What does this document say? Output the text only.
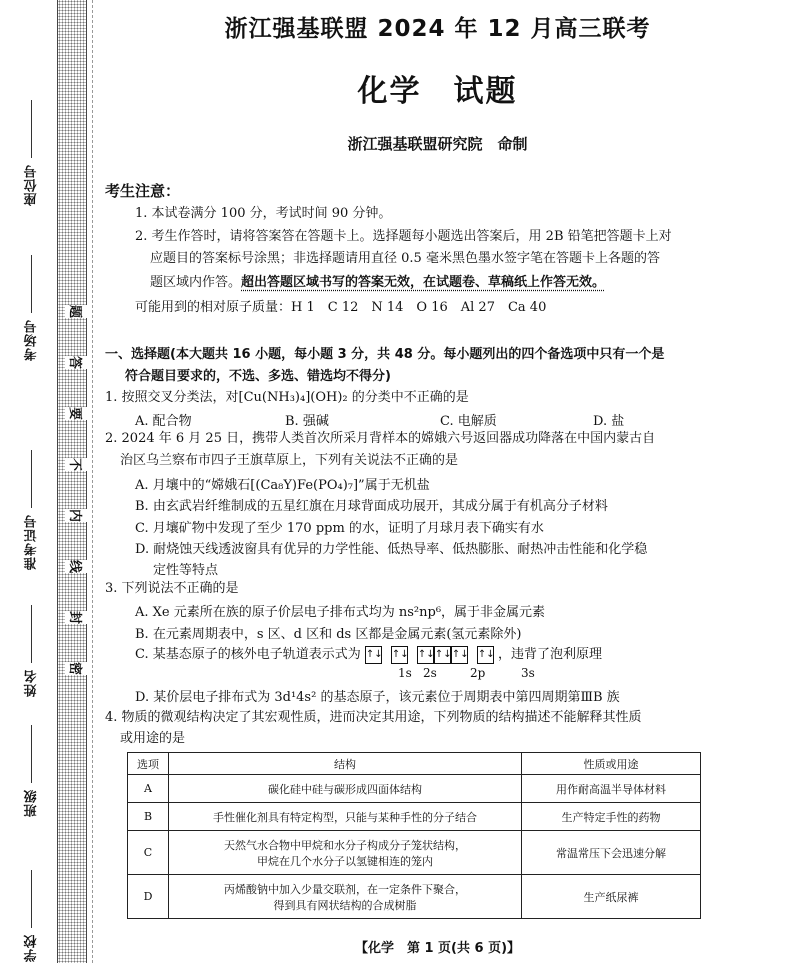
座位号
考场号
准考证号
姓名
班级
学校
题
答
要
不
内
线
封
密
浙江强基联盟 2024 年 12 月高三联考
化学　试题
浙江强基联盟研究院　命制
考生注意：
1. 本试卷满分 100 分，考试时间 90 分钟。
2. 考生作答时，请将答案答在答题卡上。选择题每小题选出答案后，用 2B 铅笔把答题卡上对
应题目的答案标号涂黑；非选择题请用直径 0.5 毫米黑色墨水签字笔在答题卡上各题的答
题区域内作答。超出答题区域书写的答案无效，在试题卷、草稿纸上作答无效。
可能用到的相对原子质量：H 1　C 12　N 14　O 16　Al 27　Ca 40
一、选择题(本大题共 16 小题，每小题 3 分，共 48 分。每小题列出的四个备选项中只有一个是
符合题目要求的，不选、多选、错选均不得分)
1. 按照交叉分类法，对[Cu(NH₃)₄](OH)₂ 的分类中不正确的是
A. 配合物	B. 强碱	C. 电解质	D. 盐
2. 2024 年 6 月 25 日，携带人类首次所采月背样本的嫦娥六号返回器成功降落在中国内蒙古自
治区乌兰察布市四子王旗草原上，下列有关说法不正确的是
A. 月壤中的“嫦娥石[(Ca₈Y)Fe(PO₄)₇]”属于无机盐
B. 由玄武岩纤维制成的五星红旗在月球背面成功展开，其成分属于有机高分子材料
C. 月壤矿物中发现了至少 170 ppm 的水，证明了月球月表下确实有水
D. 耐烧蚀天线透波窗具有优异的力学性能、低热导率、低热膨胀、耐热冲击性能和化学稳
定性等特点
3. 下列说法不正确的是
A. Xe 元素所在族的原子价层电子排布式均为 ns²np⁶，属于非金属元素
B. 在元素周期表中，s 区、d 区和 ds 区都是金属元素(氢元素除外)
C. 某基态原子的核外电子轨道表示式为 ↑↓ ↑↓ ↑↓↑↓↑↓ ↑↓ ，违背了泡利原理
1s 2s	2p	3s
D. 某价层电子排布式为 3d¹4s² 的基态原子，该元素位于周期表中第四周期第ⅢB 族
4. 物质的微观结构决定了其宏观性质，进而决定其用途，下列物质的结构描述不能解释其性质
或用途的是
选项	结构	性质或用途
A	碳化硅中硅与碳形成四面体结构	用作耐高温半导体材料
B	手性催化剂具有特定构型，只能与某种手性的分子结合	生产特定手性的药物
C	天然气水合物中甲烷和水分子构成分子笼状结构，
甲烷在几个水分子以氢键相连的笼内	常温常压下会迅速分解
D	丙烯酸钠中加入少量交联剂，在一定条件下聚合，
得到具有网状结构的合成树脂	生产纸尿裤
【化学　第 1 页(共 6 页)】
